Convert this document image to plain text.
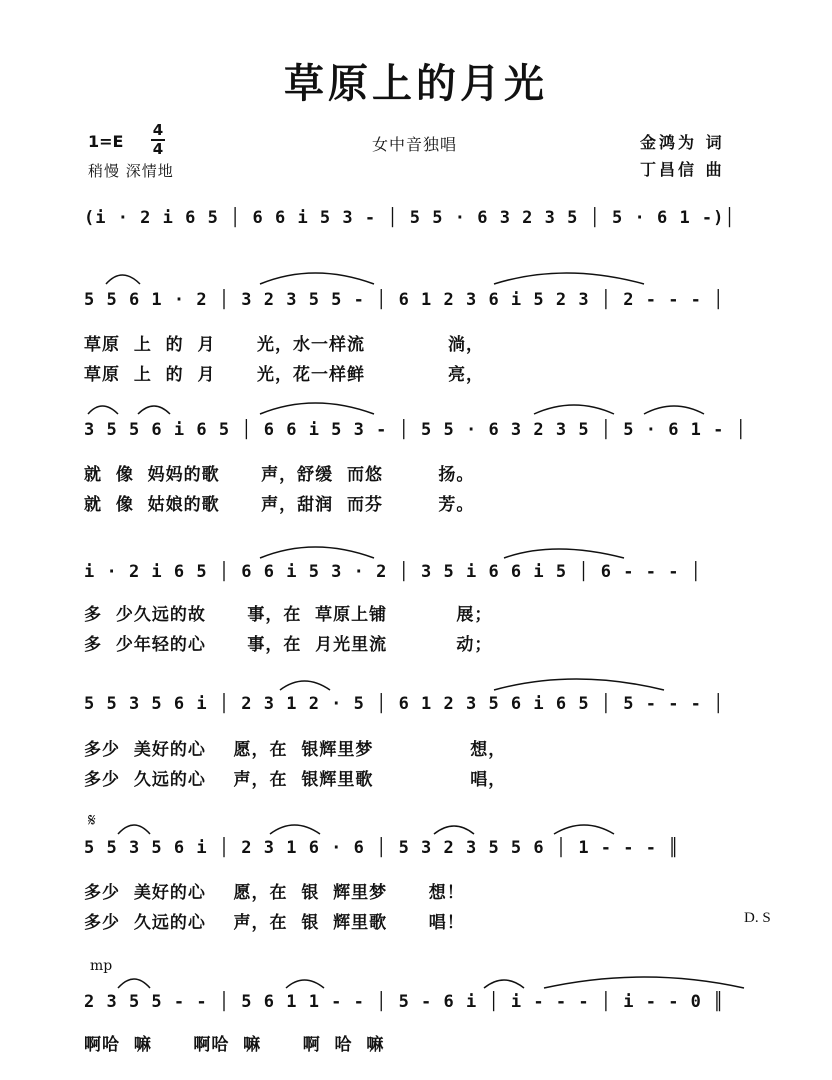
草原上的月光
1=E
4
4
稍慢 深情地
女中音独唱	金鸿为 词
丁昌信 曲
(i · 2 i 6 5 │ 6 6 i 5 3 - │ 5 5 · 6 3 2 3 5 │ 5 · 6 1 -)│
5 5 6 1 · 2 │ 3 2 3 5 5 - │ 6 1 2 3 6 i 5 2 3 │ 2 - - - │
草原  上  的  月      光，水一样流            淌，
草原  上  的  月      光，花一样鲜            亮，
3 5 5 6 i 6 5 │ 6 6 i 5 3 - │ 5 5 · 6 3 2 3 5 │ 5 · 6 1 - │
就  像  妈妈的歌      声，舒缓  而悠        扬。
就  像  姑娘的歌      声，甜润  而芬        芳。
i · 2 i 6 5 │ 6 6 i 5 3 · 2 │ 3 5 i 6 6 i 5 │ 6 - - - │
多  少久远的故      事，在  草原上铺          展；
多  少年轻的心      事，在  月光里流          动；
5 5 3 5 6 i │ 2 3 1 2 · 5 │ 6 1 2 3 5 6 i 6 5 │ 5 - - - │
多少  美好的心    愿，在  银辉里梦              想，
多少  久远的心    声，在  银辉里歌              唱，
𝄋
5 5 3 5 6 i │ 2 3 1 6 · 6 │ 5 3 2 3 5 5 6 │ 1 - - - ║
多少  美好的心    愿，在  银  辉里梦      想！
多少  久远的心    声，在  银  辉里歌      唱！	D. S
mp
2 3 5 5 - - │ 5 6 1 1 - - │ 5 - 6 i │ i - - - │ i - - 0 ║
啊哈  嘛      啊哈  嘛      啊  哈  嘛
